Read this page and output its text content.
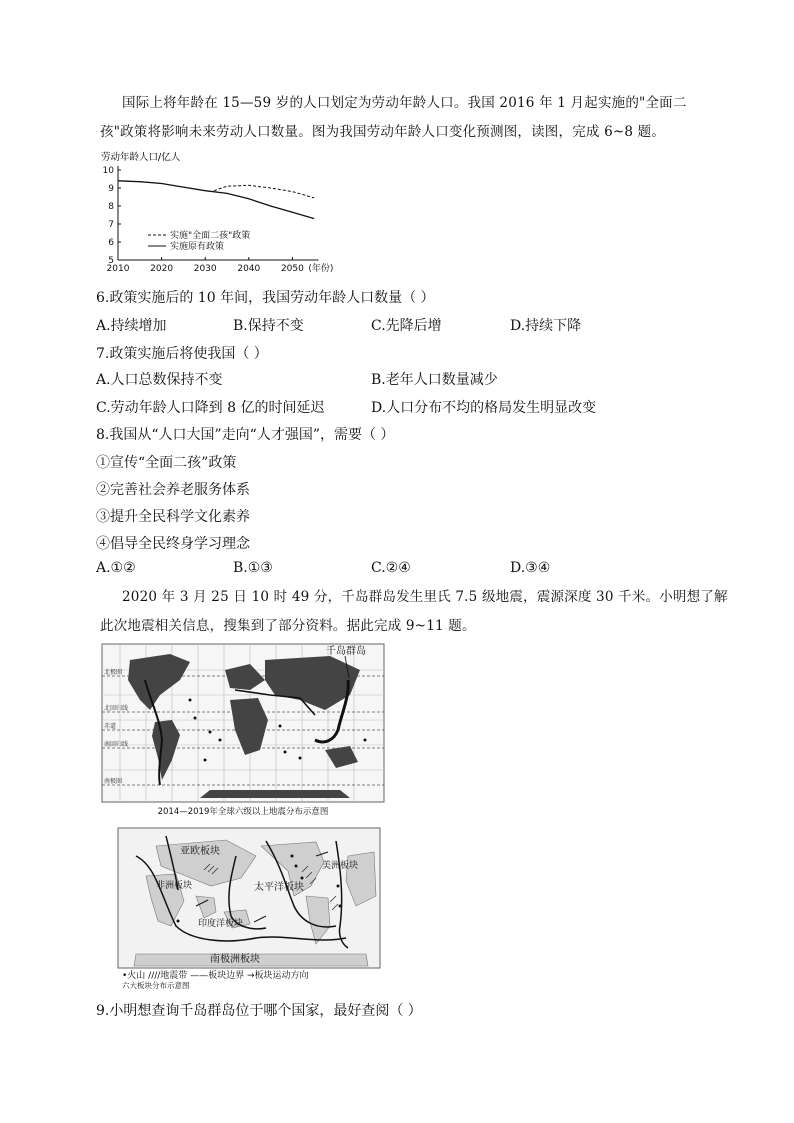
国际上将年龄在 15—59 岁的人口划定为劳动年龄人口。我国 2016 年 1 月起实施的"全面二
孩"政策将影响未来劳动人口数量。图为我国劳动年龄人口变化预测图，读图，完成 6~8 题。
劳动年龄人口/亿人
5
6
7
8
9
10
2010 2020 2030 2040 2050 (年份)
实施"全面二孩"政策
实施原有政策
6.政策实施后的 10 年间，我国劳动年龄人口数量（ ）
A.持续增加	B.保持不变	C.先降后增	D.持续下降
7.政策实施后将使我国（ ）
A.人口总数保持不变	B.老年人口数量减少
C.劳动年龄人口降到 8 亿的时间延迟	D.人口分布不均的格局发生明显改变
8.我国从“人口大国”走向“人才强国”，需要（ ）
①宣传“全面二孩”政策
②完善社会养老服务体系
③提升全民科学文化素养
④倡导全民终身学习理念
A.①②	B.①③	C.②④	D.③④
2020 年 3 月 25 日 10 时 49 分，千岛群岛发生里氏 7.5 级地震，震源深度 30 千米。小明想了解
此次地震相关信息，搜集到了部分资料。据此完成 9~11 题。
千岛群岛
北极圈
北回归线
赤道
南回归线
南极圈
2014—2019年全球六级以上地震分布示意图
亚欧板块
非洲板块
印度洋板块
太平洋板块
美洲板块
南极洲板块
•火山 ////地震带 ——板块边界 →板块运动方向
六大板块分布示意图
9.小明想查询千岛群岛位于哪个国家，最好查阅（ ）
